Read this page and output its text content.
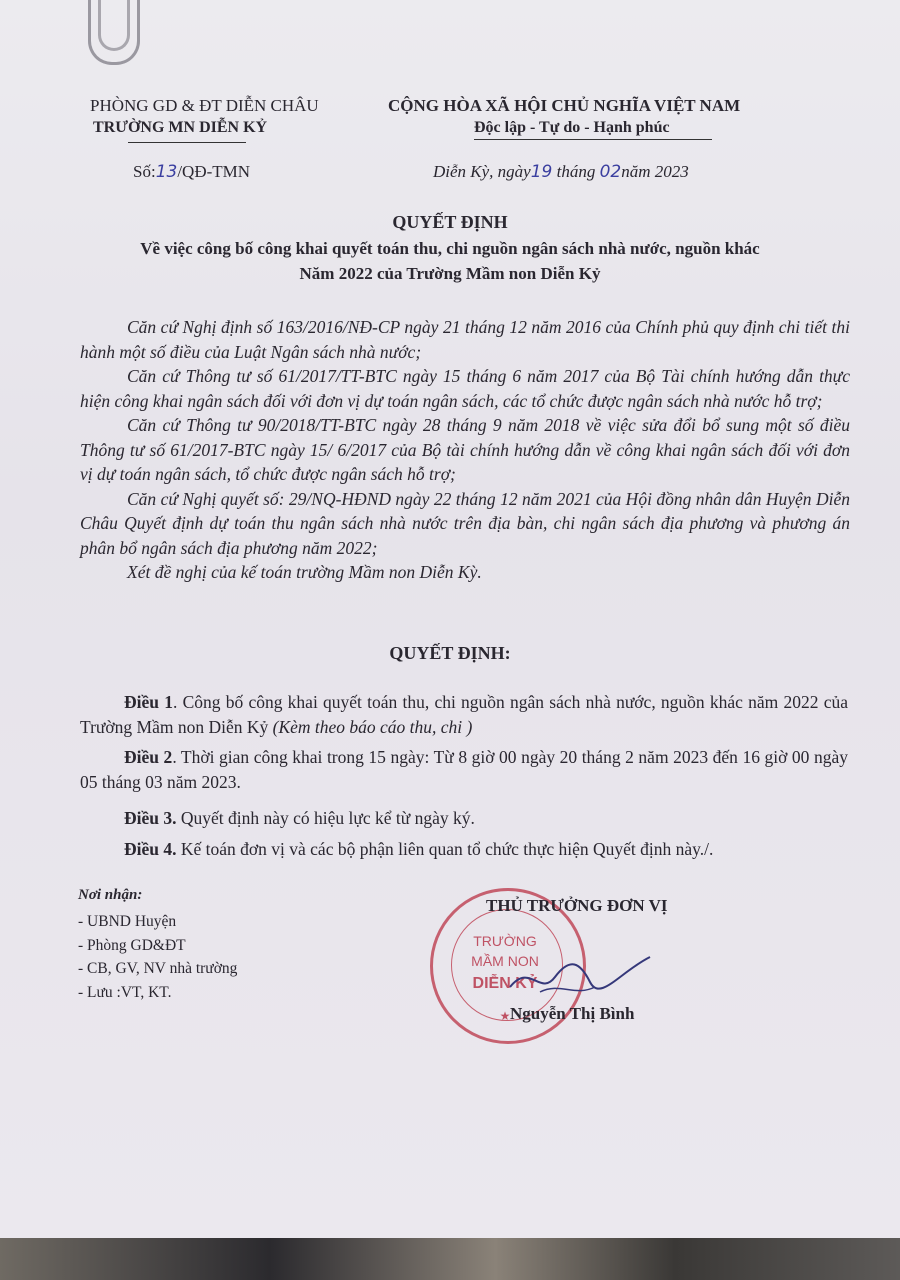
PHÒNG GD & ĐT DIỄN CHÂU
TRƯỜNG MN DIỄN KỶ
CỘNG HÒA XÃ HỘI CHỦ NGHĨA VIỆT NAM
Độc lập - Tự do - Hạnh phúc
Số:13/QĐ-TMN	Diễn Kỳ, ngày19 tháng 02năm 2023
QUYẾT ĐỊNH
Về việc công bố công khai quyết toán thu, chi nguồn ngân sách nhà nước, nguồn khác
Năm 2022 của Trường Mầm non Diễn Kỷ

Căn cứ Nghị định số 163/2016/NĐ-CP ngày 21 tháng 12 năm 2016 của Chính phủ quy định chi tiết thi hành một số điều của Luật Ngân sách nhà nước;

Căn cứ Thông tư số 61/2017/TT-BTC ngày 15 tháng 6 năm 2017 của Bộ Tài chính hướng dẫn thực hiện công khai ngân sách đối với đơn vị dự toán ngân sách, các tổ chức được ngân sách nhà nước hỗ trợ;

Căn cứ Thông tư 90/2018/TT-BTC ngày 28 tháng 9 năm 2018 về việc sửa đổi bổ sung một số điều Thông tư số 61/2017-BTC ngày 15/ 6/2017 của Bộ tài chính hướng dẫn về công khai ngân sách đối với đơn vị dự toán ngân sách, tổ chức được ngân sách hỗ trợ;

Căn cứ Nghị quyết số: 29/NQ-HĐND ngày 22 tháng 12 năm 2021 của Hội đồng nhân dân Huyện Diễn Châu Quyết định dự toán thu ngân sách nhà nước trên địa bàn, chi ngân sách địa phương và phương án phân bổ ngân sách địa phương năm 2022;

Xét đề nghị của kế toán trường Mầm non Diễn Kỳ.

QUYẾT ĐỊNH:

Điều 1. Công bố công khai quyết toán thu, chi nguồn ngân sách nhà nước, nguồn khác năm 2022 của Trường Mầm non Diễn Kỷ (Kèm theo báo cáo thu, chi )

Điều 2. Thời gian công khai trong 15 ngày: Từ 8 giờ 00 ngày 20 tháng 2 năm 2023 đến 16 giờ 00 ngày 05 tháng 03 năm 2023.

Điều 3. Quyết định này có hiệu lực kể từ ngày ký.

Điều 4. Kế toán đơn vị và các bộ phận liên quan tổ chức thực hiện Quyết định này./.

Nơi nhận:
- UBND Huyện
- Phòng GD&ĐT
- CB, GV, NV nhà trường
- Lưu :VT, KT.
TRƯỜNG
MẦM NON
DIỄN KỶ
★
THỦ TRƯỞNG ĐƠN VỊ
Nguyễn Thị Bình
